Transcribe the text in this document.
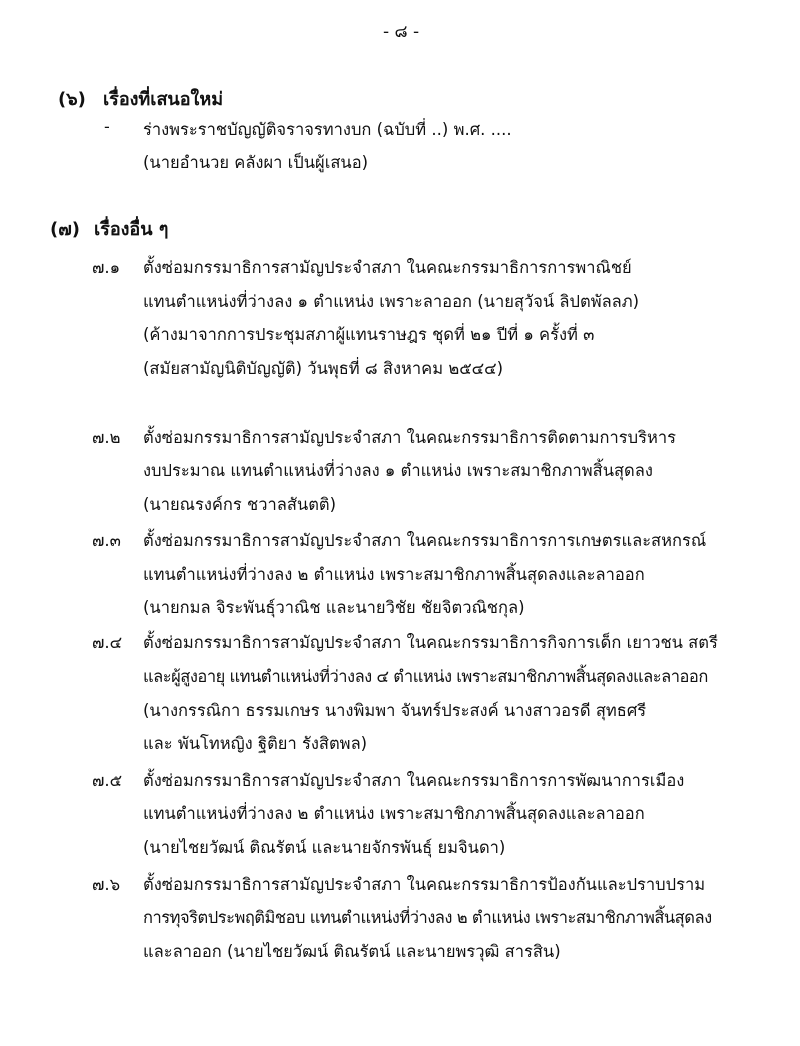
- ๘ -
(๖) เรื่องที่เสนอใหม่
- ร่างพระราชบัญญัติจราจรทางบก (ฉบับที่ ..) พ.ศ. ....
(นายอำนวย คลังผา เป็นผู้เสนอ)
(๗) เรื่องอื่น ๆ
๗.๑ ตั้งซ่อมกรรมาธิการสามัญประจำสภา ในคณะกรรมาธิการการพาณิชย์
แทนตำแหน่งที่ว่างลง ๑ ตำแหน่ง เพราะลาออก (นายสุวัจน์ ลิปตพัลลภ)
(ค้างมาจากการประชุมสภาผู้แทนราษฎร ชุดที่ ๒๑ ปีที่ ๑ ครั้งที่ ๓
(สมัยสามัญนิติบัญญัติ) วันพุธที่ ๘ สิงหาคม ๒๕๔๔)
๗.๒ ตั้งซ่อมกรรมาธิการสามัญประจำสภา ในคณะกรรมาธิการติดตามการบริหาร
งบประมาณ แทนตำแหน่งที่ว่างลง ๑ ตำแหน่ง เพราะสมาชิกภาพสิ้นสุดลง
(นายณรงค์กร ชวาลสันตติ)
๗.๓ ตั้งซ่อมกรรมาธิการสามัญประจำสภา ในคณะกรรมาธิการการเกษตรและสหกรณ์
แทนตำแหน่งที่ว่างลง ๒ ตำแหน่ง เพราะสมาชิกภาพสิ้นสุดลงและลาออก
(นายกมล จิระพันธุ์วาณิช และนายวิชัย ชัยจิตวณิชกุล)
๗.๔ ตั้งซ่อมกรรมาธิการสามัญประจำสภา ในคณะกรรมาธิการกิจการเด็ก เยาวชน สตรี
และผู้สูงอายุ แทนตำแหน่งที่ว่างลง ๔ ตำแหน่ง เพราะสมาชิกภาพสิ้นสุดลงและลาออก
(นางกรรณิกา ธรรมเกษร นางพิมพา จันทร์ประสงค์ นางสาวอรดี สุทธศรี
และ พันโทหญิง ฐิติยา รังสิตพล)
๗.๕ ตั้งซ่อมกรรมาธิการสามัญประจำสภา ในคณะกรรมาธิการการพัฒนาการเมือง
แทนตำแหน่งที่ว่างลง ๒ ตำแหน่ง เพราะสมาชิกภาพสิ้นสุดลงและลาออก
(นายไชยวัฒน์ ติณรัตน์ และนายจักรพันธุ์ ยมจินดา)
๗.๖ ตั้งซ่อมกรรมาธิการสามัญประจำสภา ในคณะกรรมาธิการป้องกันและปราบปราม
การทุจริตประพฤติมิชอบ แทนตำแหน่งที่ว่างลง ๒ ตำแหน่ง เพราะสมาชิกภาพสิ้นสุดลง
และลาออก (นายไชยวัฒน์ ติณรัตน์ และนายพรวุฒิ สารสิน)
